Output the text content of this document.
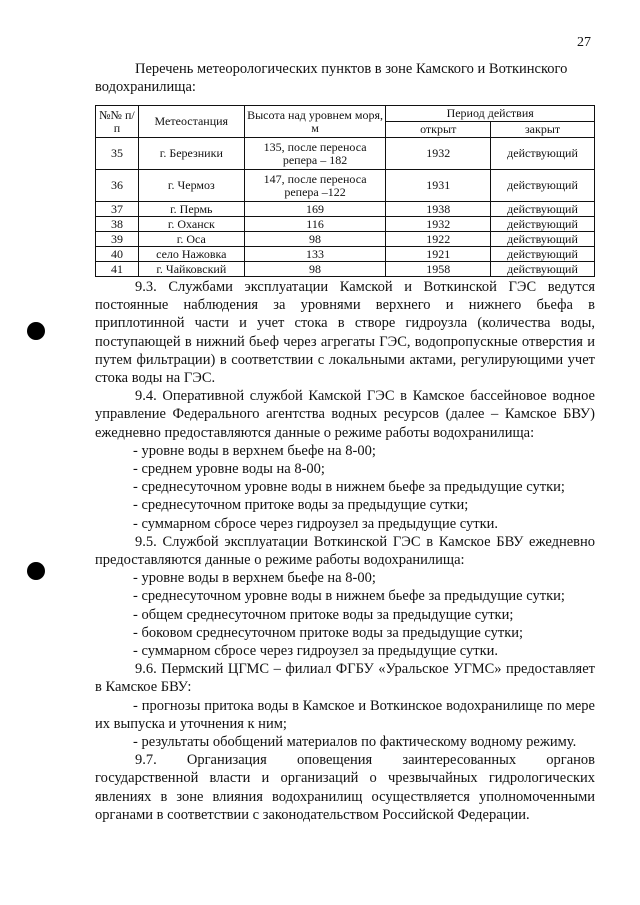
27
Перечень метеорологических пунктов в зоне Камского и Воткинского водохранилища:
№№ п/п	Метеостанция	Высота над уровнем моря, м	Период действия	
			открыт	закрыт
35	г. Березники	135, после переноса репера – 182	1932	действующий
36	г. Чермоз	147, после переноса репера –122	1931	действующий
37	г. Пермь	169	1938	действующий
38	г. Оханск	116	1932	действующий
39	г. Оса	98	1922	действующий
40	село Нажовка	133	1921	действующий
41	г. Чайковский	98	1958	действующий

9.3. Службами эксплуатации Камской и Воткинской ГЭС ведутся постоянные наблюдения за уровнями верхнего и нижнего бьефа в приплотинной части и учет стока в створе гидроузла (количества воды, поступающей в нижний бьеф через агрегаты ГЭС, водопропускные отверстия и путем фильтрации) в соответствии с локальными актами, регулирующими учет стока воды на ГЭС.

9.4. Оперативной службой Камской ГЭС в Камское бассейновое водное управление Федерального агентства водных ресурсов (далее – Камское БВУ) ежедневно предоставляются данные о режиме работы водохранилища:

- уровне воды в верхнем бьефе на 8-00;

- среднем уровне воды на 8-00;

- среднесуточном уровне воды в нижнем бьефе за предыдущие сутки;

- среднесуточном притоке воды за предыдущие сутки;

- суммарном сбросе через гидроузел за предыдущие сутки.

9.5. Службой эксплуатации Воткинской ГЭС в Камское БВУ ежедневно предоставляются данные о режиме работы водохранилища:

- уровне воды в верхнем бьефе на 8-00;

- среднесуточном уровне воды в нижнем бьефе за предыдущие сутки;

- общем среднесуточном притоке воды за предыдущие сутки;

- боковом среднесуточном притоке воды за предыдущие сутки;

- суммарном сбросе через гидроузел за предыдущие сутки.

9.6. Пермский ЦГМС – филиал ФГБУ «Уральское УГМС» предоставляет в Камское БВУ:

- прогнозы притока воды в Камское и Воткинское водохранилище по мере их выпуска и уточнения к ним;

- результаты обобщений материалов по фактическому водному режиму.

9.7. Организация оповещения заинтересованных органов государственной власти и организаций о чрезвычайных гидрологических явлениях в зоне влияния водохранилищ осуществляется уполномоченными органами в соответствии с законодательством Российской Федерации.
